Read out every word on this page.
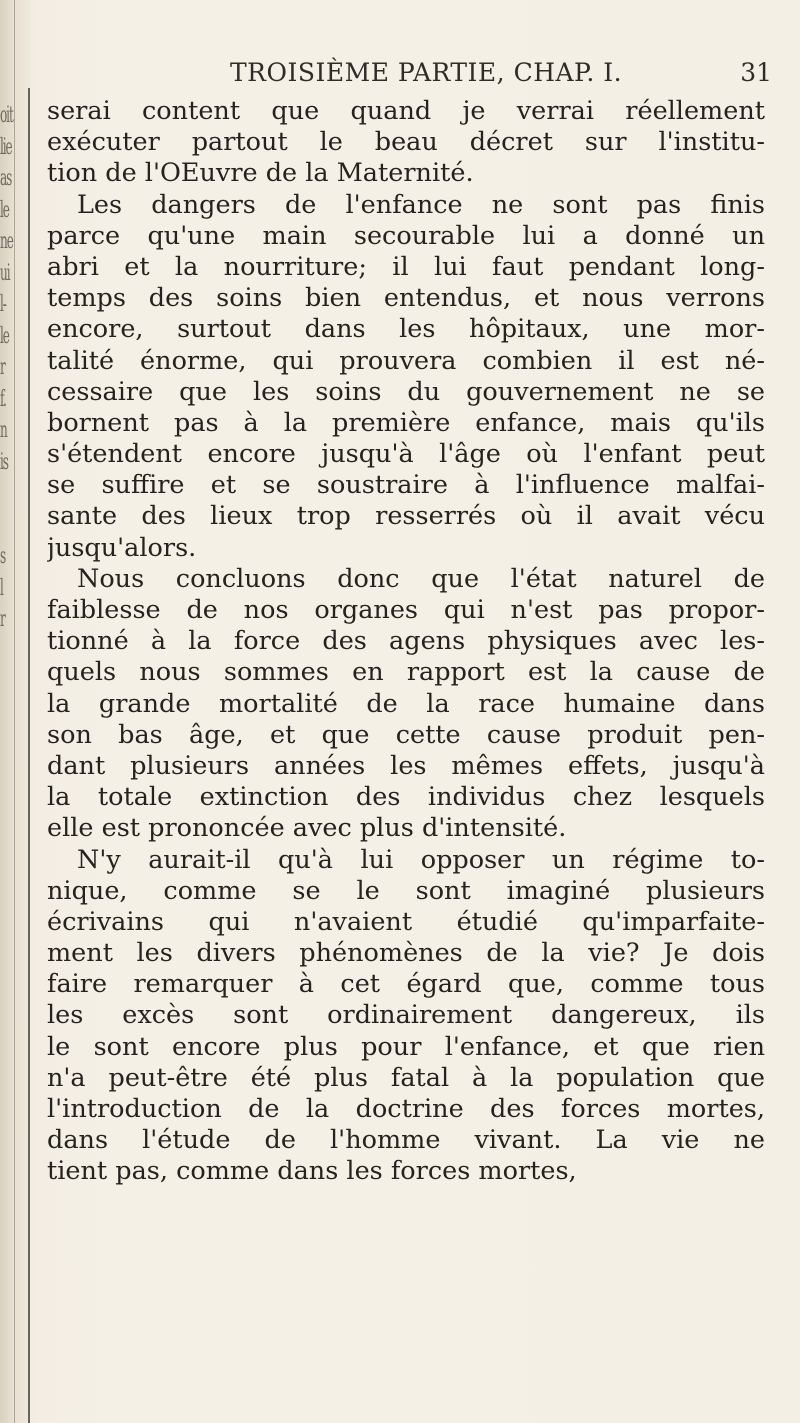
oit
lie
as
le
ne
ui
l-
le
r
f.
n
is
s
l
r
TROISIÈME PARTIE, CHAP. I.	31
serai content que quand je verrai réellement
exécuter partout le beau décret sur l'institu-
tion de l'OEuvre de la Maternité.
Les dangers de l'enfance ne sont pas finis
parce qu'une main secourable lui a donné un
abri et la nourriture; il lui faut pendant long-
temps des soins bien entendus, et nous verrons
encore, surtout dans les hôpitaux, une mor-
talité énorme, qui prouvera combien il est né-
cessaire que les soins du gouvernement ne se
bornent pas à la première enfance, mais qu'ils
s'étendent encore jusqu'à l'âge où l'enfant peut
se suffire et se soustraire à l'influence malfai-
sante des lieux trop resserrés où il avait vécu
jusqu'alors.
Nous concluons donc que l'état naturel de
faiblesse de nos organes qui n'est pas propor-
tionné à la force des agens physiques avec les-
quels nous sommes en rapport est la cause de
la grande mortalité de la race humaine dans
son bas âge, et que cette cause produit pen-
dant plusieurs années les mêmes effets, jusqu'à
la totale extinction des individus chez lesquels
elle est prononcée avec plus d'intensité.
N'y aurait-il qu'à lui opposer un régime to-
nique, comme se le sont imaginé plusieurs
écrivains qui n'avaient étudié qu'imparfaite-
ment les divers phénomènes de la vie? Je dois
faire remarquer à cet égard que, comme tous
les excès sont ordinairement dangereux, ils
le sont encore plus pour l'enfance, et que rien
n'a peut-être été plus fatal à la population que
l'introduction de la doctrine des forces mortes,
dans l'étude de l'homme vivant. La vie ne
tient pas, comme dans les forces mortes,
